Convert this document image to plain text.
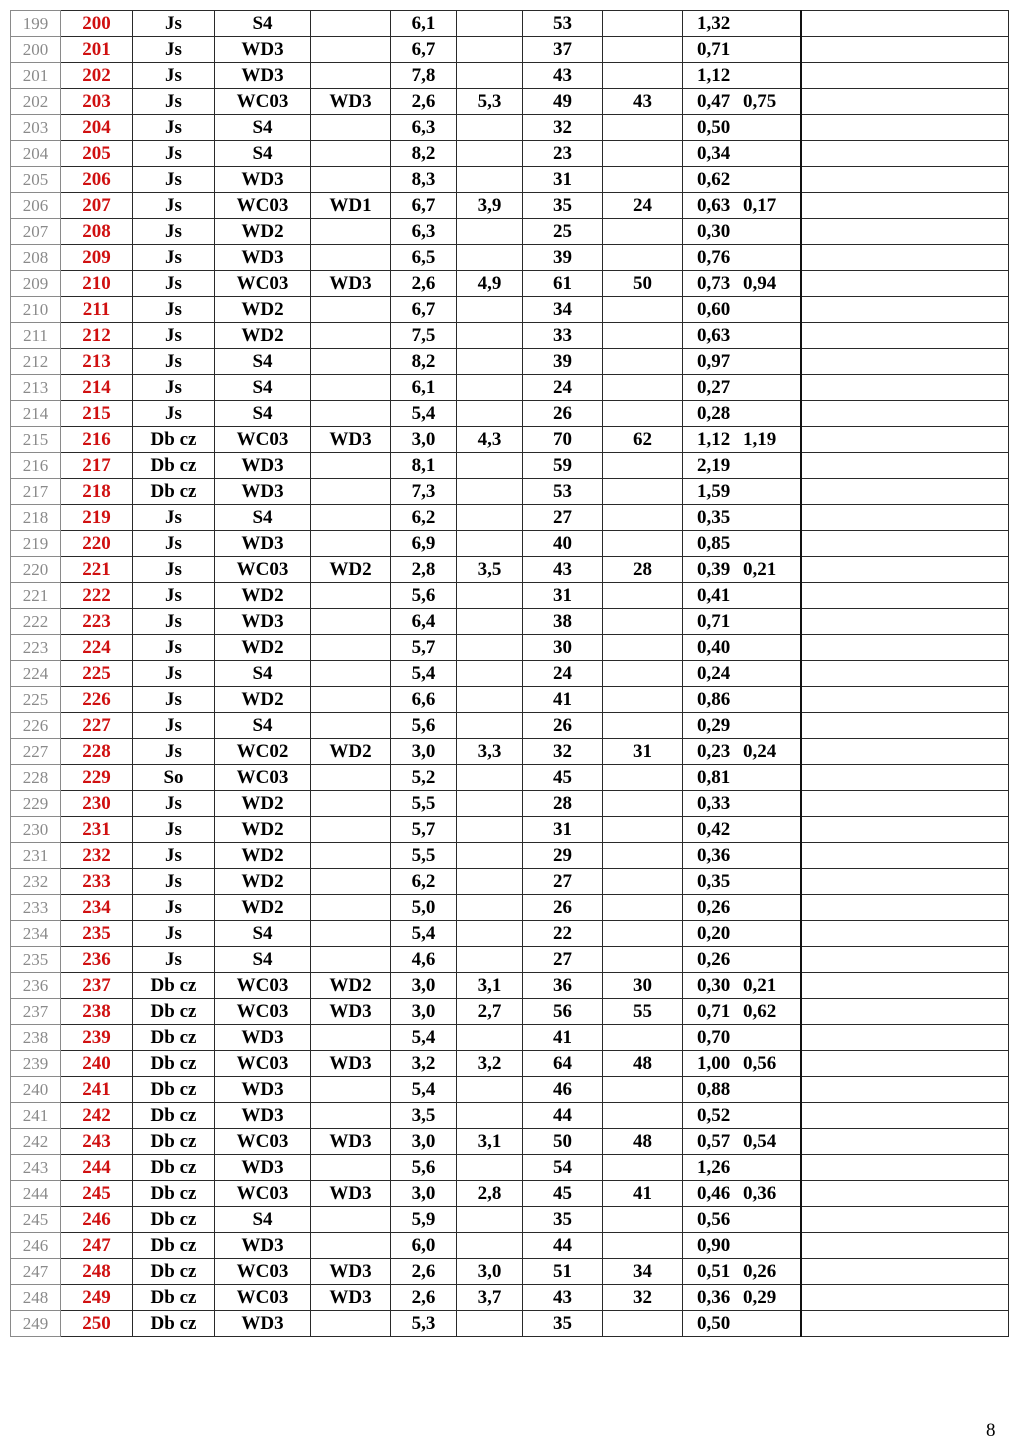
199	200	Js	S4		6,1		53		1,32	
200	201	Js	WD3		6,7		37		0,71	
201	202	Js	WD3		7,8		43		1,12	
202	203	Js	WC03	WD3	2,6	5,3	49	43	0,47 0,75	
203	204	Js	S4		6,3		32		0,50	
204	205	Js	S4		8,2		23		0,34	
205	206	Js	WD3		8,3		31		0,62	
206	207	Js	WC03	WD1	6,7	3,9	35	24	0,63 0,17	
207	208	Js	WD2		6,3		25		0,30	
208	209	Js	WD3		6,5		39		0,76	
209	210	Js	WC03	WD3	2,6	4,9	61	50	0,73 0,94	
210	211	Js	WD2		6,7		34		0,60	
211	212	Js	WD2		7,5		33		0,63	
212	213	Js	S4		8,2		39		0,97	
213	214	Js	S4		6,1		24		0,27	
214	215	Js	S4		5,4		26		0,28	
215	216	Db cz	WC03	WD3	3,0	4,3	70	62	1,12 1,19	
216	217	Db cz	WD3		8,1		59		2,19	
217	218	Db cz	WD3		7,3		53		1,59	
218	219	Js	S4		6,2		27		0,35	
219	220	Js	WD3		6,9		40		0,85	
220	221	Js	WC03	WD2	2,8	3,5	43	28	0,39 0,21	
221	222	Js	WD2		5,6		31		0,41	
222	223	Js	WD3		6,4		38		0,71	
223	224	Js	WD2		5,7		30		0,40	
224	225	Js	S4		5,4		24		0,24	
225	226	Js	WD2		6,6		41		0,86	
226	227	Js	S4		5,6		26		0,29	
227	228	Js	WC02	WD2	3,0	3,3	32	31	0,23 0,24	
228	229	So	WC03		5,2		45		0,81	
229	230	Js	WD2		5,5		28		0,33	
230	231	Js	WD2		5,7		31		0,42	
231	232	Js	WD2		5,5		29		0,36	
232	233	Js	WD2		6,2		27		0,35	
233	234	Js	WD2		5,0		26		0,26	
234	235	Js	S4		5,4		22		0,20	
235	236	Js	S4		4,6		27		0,26	
236	237	Db cz	WC03	WD2	3,0	3,1	36	30	0,30 0,21	
237	238	Db cz	WC03	WD3	3,0	2,7	56	55	0,71 0,62	
238	239	Db cz	WD3		5,4		41		0,70	
239	240	Db cz	WC03	WD3	3,2	3,2	64	48	1,00 0,56	
240	241	Db cz	WD3		5,4		46		0,88	
241	242	Db cz	WD3		3,5		44		0,52	
242	243	Db cz	WC03	WD3	3,0	3,1	50	48	0,57 0,54	
243	244	Db cz	WD3		5,6		54		1,26	
244	245	Db cz	WC03	WD3	3,0	2,8	45	41	0,46 0,36	
245	246	Db cz	S4		5,9		35		0,56	
246	247	Db cz	WD3		6,0		44		0,90	
247	248	Db cz	WC03	WD3	2,6	3,0	51	34	0,51 0,26	
248	249	Db cz	WC03	WD3	2,6	3,7	43	32	0,36 0,29	
249	250	Db cz	WD3		5,3		35		0,50	
8
